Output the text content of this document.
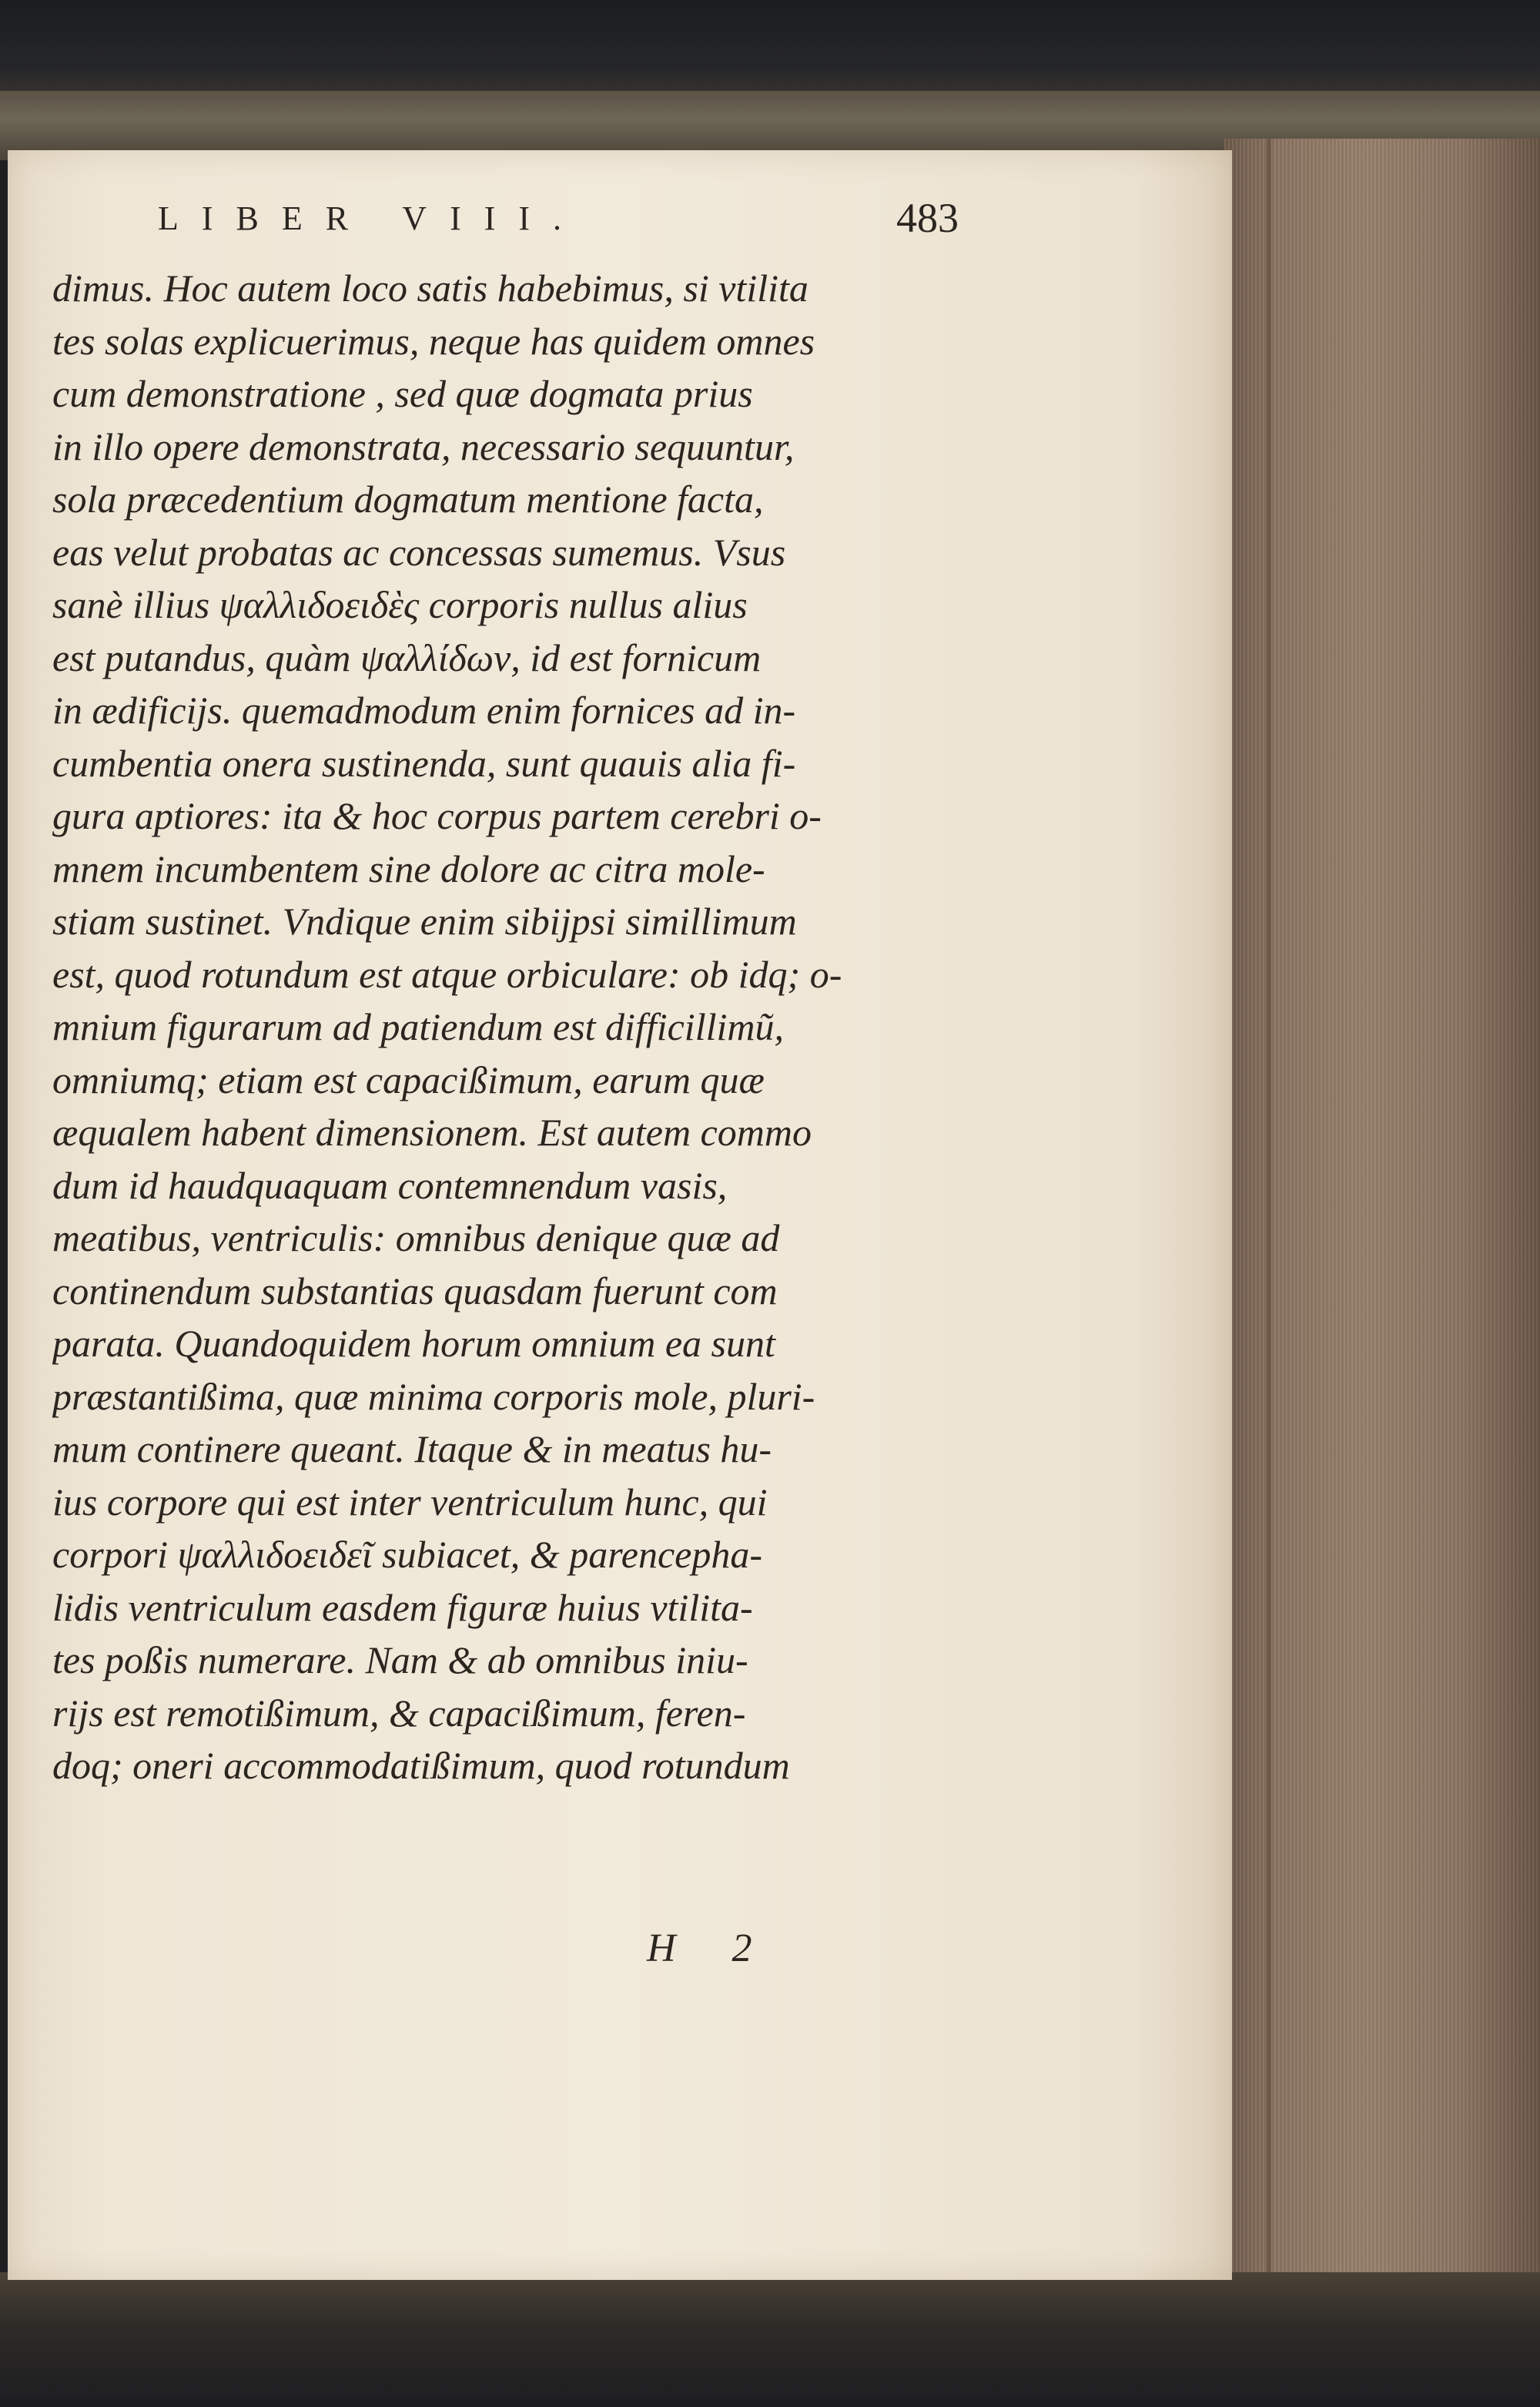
LIBER VIII.	483
dimus. Hoc autem loco satis habebimus, si vtilita
tes solas explicuerimus, neque has quidem omnes
cum demonstratione , sed quæ dogmata prius
in illo opere demonstrata, necessario sequuntur,
sola præcedentium dogmatum mentione facta,
eas velut probatas ac concessas sumemus. Vsus
sanè illius ψαλλιδοειδὲς corporis nullus alius
est putandus, quàm ψαλλίδων, id est fornicum
in ædificijs. quemadmodum enim fornices ad in-
cumbentia onera sustinenda, sunt quauis alia fi-
gura aptiores: ita & hoc corpus partem cerebri o-
mnem incumbentem sine dolore ac citra mole-
stiam sustinet. Vndique enim sibijpsi simillimum
est, quod rotundum est atque orbiculare: ob idq; o-
mnium figurarum ad patiendum est difficillimũ,
omniumq; etiam est capacißimum, earum quæ
æqualem habent dimensionem. Est autem commo
dum id haudquaquam contemnendum vasis,
meatibus, ventriculis: omnibus denique quæ ad
continendum substantias quasdam fuerunt com
parata. Quandoquidem horum omnium ea sunt
præstantißima, quæ minima corporis mole, pluri-
mum continere queant. Itaque & in meatus hu-
ius corpore qui est inter ventriculum hunc, qui
corpori ψαλλιδοειδεῖ subiacet, & parencepha-
lidis ventriculum easdem figuræ huius vtilita-
tes poßis numerare. Nam & ab omnibus iniu-
rijs est remotißimum, & capacißimum, feren-
doq; oneri accommodatißimum, quod rotundum
H 2
